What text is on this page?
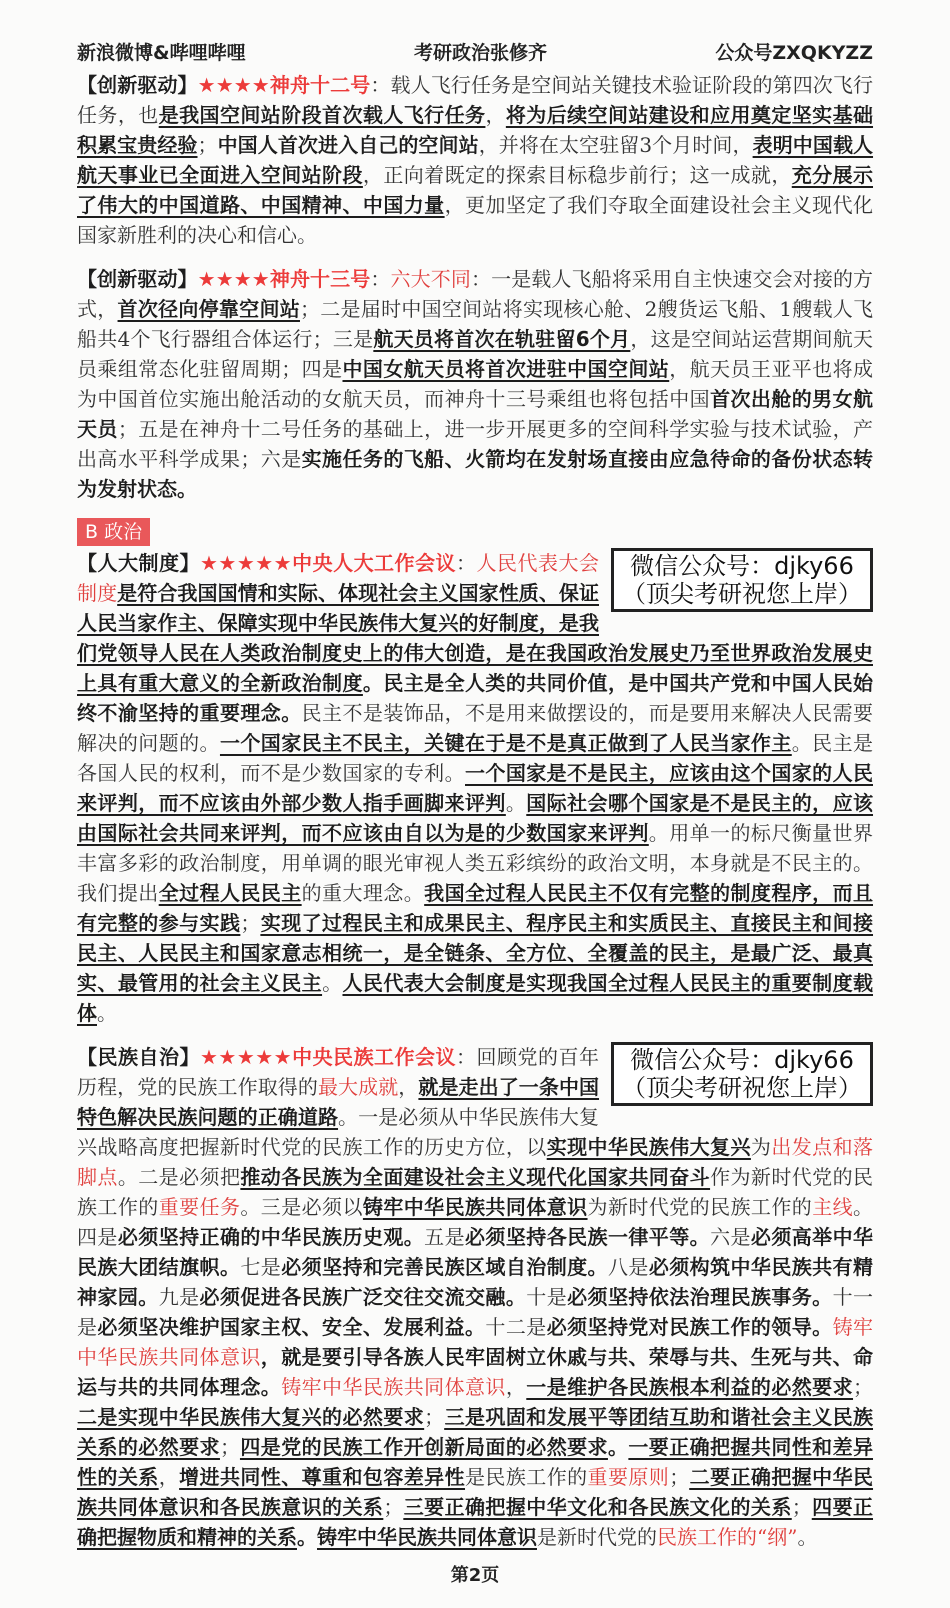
新浪微博&哔哩哔哩	考研政治张修齐	公众号ZXQKYZZ
【创新驱动】★★★★神舟十二号：载人飞行任务是空间站关键技术验证阶段的第四次飞行任务，也是我国空间站阶段首次载人飞行任务，将为后续空间站建设和应用奠定坚实基础积累宝贵经验；中国人首次进入自己的空间站，并将在太空驻留3个月时间，表明中国载人航天事业已全面进入空间站阶段，正向着既定的探索目标稳步前行；这一成就，充分展示了伟大的中国道路、中国精神、中国力量，更加坚定了我们夺取全面建设社会主义现代化国家新胜利的决心和信心。
【创新驱动】★★★★神舟十三号：六大不同：一是载人飞船将采用自主快速交会对接的方式，首次径向停靠空间站；二是届时中国空间站将实现核心舱、2艘货运飞船、1艘载人飞船共4个飞行器组合体运行；三是航天员将首次在轨驻留6个月，这是空间站运营期间航天员乘组常态化驻留周期；四是中国女航天员将首次进驻中国空间站，航天员王亚平也将成为中国首位实施出舱活动的女航天员，而神舟十三号乘组也将包括中国首次出舱的男女航天员；五是在神舟十二号任务的基础上，进一步开展更多的空间科学实验与技术试验，产出高水平科学成果；六是实施任务的飞船、火箭均在发射场直接由应急待命的备份状态转为发射状态。
B 政治
微信公众号：djky66
（顶尖考研祝您上岸）
【人大制度】★★★★★中央人大工作会议：人民代表大会制度是符合我国国情和实际、体现社会主义国家性质、保证人民当家作主、保障实现中华民族伟大复兴的好制度，是我们党领导人民在人类政治制度史上的伟大创造，是在我国政治发展史乃至世界政治发展史上具有重大意义的全新政治制度。民主是全人类的共同价值，是中国共产党和中国人民始终不渝坚持的重要理念。民主不是装饰品，不是用来做摆设的，而是要用来解决人民需要解决的问题的。一个国家民主不民主，关键在于是不是真正做到了人民当家作主。民主是各国人民的权利，而不是少数国家的专利。一个国家是不是民主，应该由这个国家的人民来评判，而不应该由外部少数人指手画脚来评判。国际社会哪个国家是不是民主的，应该由国际社会共同来评判，而不应该由自以为是的少数国家来评判。用单一的标尺衡量世界丰富多彩的政治制度，用单调的眼光审视人类五彩缤纷的政治文明，本身就是不民主的。我们提出全过程人民民主的重大理念。我国全过程人民民主不仅有完整的制度程序，而且有完整的参与实践；实现了过程民主和成果民主、程序民主和实质民主、直接民主和间接民主、人民民主和国家意志相统一，是全链条、全方位、全覆盖的民主，是最广泛、最真实、最管用的社会主义民主。人民代表大会制度是实现我国全过程人民民主的重要制度载体。
微信公众号：djky66
（顶尖考研祝您上岸）
【民族自治】★★★★★中央民族工作会议：回顾党的百年历程，党的民族工作取得的最大成就，就是走出了一条中国特色解决民族问题的正确道路。一是必须从中华民族伟大复兴战略高度把握新时代党的民族工作的历史方位，以实现中华民族伟大复兴为出发点和落脚点。二是必须把推动各民族为全面建设社会主义现代化国家共同奋斗作为新时代党的民族工作的重要任务。三是必须以铸牢中华民族共同体意识为新时代党的民族工作的主线。四是必须坚持正确的中华民族历史观。五是必须坚持各民族一律平等。六是必须高举中华民族大团结旗帜。七是必须坚持和完善民族区域自治制度。八是必须构筑中华民族共有精神家园。九是必须促进各民族广泛交往交流交融。十是必须坚持依法治理民族事务。十一是必须坚决维护国家主权、安全、发展利益。十二是必须坚持党对民族工作的领导。铸牢中华民族共同体意识，就是要引导各族人民牢固树立休戚与共、荣辱与共、生死与共、命运与共的共同体理念。铸牢中华民族共同体意识，一是维护各民族根本利益的必然要求；二是实现中华民族伟大复兴的必然要求；三是巩固和发展平等团结互助和谐社会主义民族关系的必然要求；四是党的民族工作开创新局面的必然要求。一要正确把握共同性和差异性的关系，增进共同性、尊重和包容差异性是民族工作的重要原则；二要正确把握中华民族共同体意识和各民族意识的关系；三要正确把握中华文化和各民族文化的关系；四要正确把握物质和精神的关系。铸牢中华民族共同体意识是新时代党的民族工作的“纲”。
第2页
